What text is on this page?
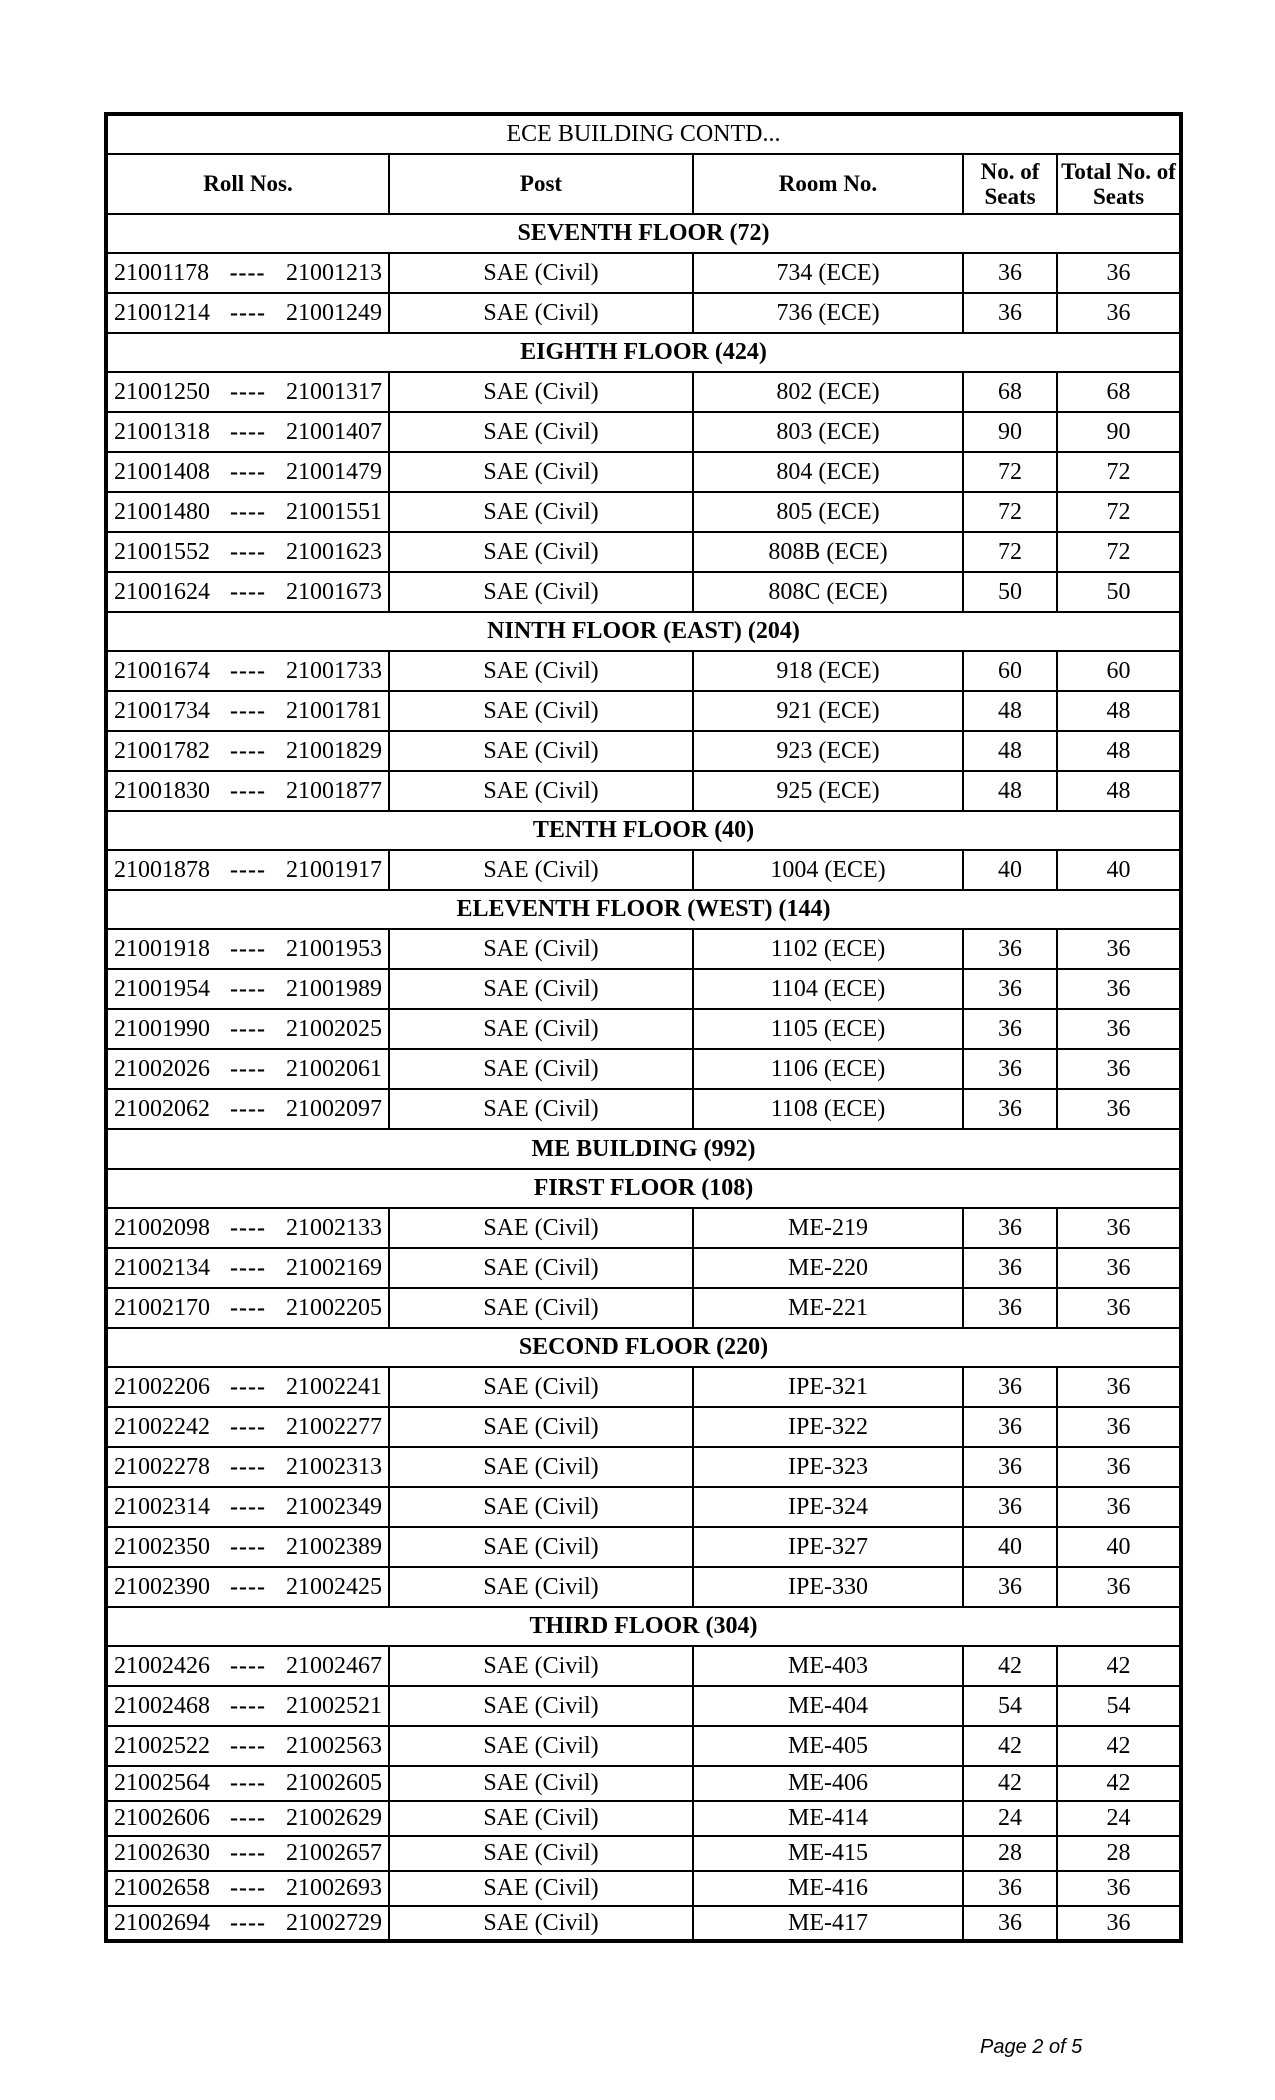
ECE BUILDING CONTD...				
Roll Nos.	Post	Room No.	No. of Seats	Total No. of Seats
SEVENTH FLOOR (72)				

21001178 ---- 21001213	SAE (Civil)	734 (ECE)	36	36

21001214 ---- 21001249	SAE (Civil)	736 (ECE)	36	36
EIGHTH FLOOR (424)				

21001250 ---- 21001317	SAE (Civil)	802 (ECE)	68	68

21001318 ---- 21001407	SAE (Civil)	803 (ECE)	90	90

21001408 ---- 21001479	SAE (Civil)	804 (ECE)	72	72

21001480 ---- 21001551	SAE (Civil)	805 (ECE)	72	72

21001552 ---- 21001623	SAE (Civil)	808B (ECE)	72	72

21001624 ---- 21001673	SAE (Civil)	808C (ECE)	50	50
NINTH FLOOR (EAST) (204)				

21001674 ---- 21001733	SAE (Civil)	918 (ECE)	60	60

21001734 ---- 21001781	SAE (Civil)	921 (ECE)	48	48

21001782 ---- 21001829	SAE (Civil)	923 (ECE)	48	48

21001830 ---- 21001877	SAE (Civil)	925 (ECE)	48	48
TENTH FLOOR (40)				

21001878 ---- 21001917	SAE (Civil)	1004 (ECE)	40	40
ELEVENTH FLOOR (WEST) (144)				

21001918 ---- 21001953	SAE (Civil)	1102 (ECE)	36	36

21001954 ---- 21001989	SAE (Civil)	1104 (ECE)	36	36

21001990 ---- 21002025	SAE (Civil)	1105 (ECE)	36	36

21002026 ---- 21002061	SAE (Civil)	1106 (ECE)	36	36

21002062 ---- 21002097	SAE (Civil)	1108 (ECE)	36	36
ME BUILDING (992)				
FIRST FLOOR (108)				

21002098 ---- 21002133	SAE (Civil)	ME-219	36	36

21002134 ---- 21002169	SAE (Civil)	ME-220	36	36

21002170 ---- 21002205	SAE (Civil)	ME-221	36	36
SECOND FLOOR (220)				

21002206 ---- 21002241	SAE (Civil)	IPE-321	36	36

21002242 ---- 21002277	SAE (Civil)	IPE-322	36	36

21002278 ---- 21002313	SAE (Civil)	IPE-323	36	36

21002314 ---- 21002349	SAE (Civil)	IPE-324	36	36

21002350 ---- 21002389	SAE (Civil)	IPE-327	40	40

21002390 ---- 21002425	SAE (Civil)	IPE-330	36	36
THIRD FLOOR (304)				

21002426 ---- 21002467	SAE (Civil)	ME-403	42	42

21002468 ---- 21002521	SAE (Civil)	ME-404	54	54

21002522 ---- 21002563	SAE (Civil)	ME-405	42	42

21002564 ---- 21002605	SAE (Civil)	ME-406	42	42

21002606 ---- 21002629	SAE (Civil)	ME-414	24	24

21002630 ---- 21002657	SAE (Civil)	ME-415	28	28

21002658 ---- 21002693	SAE (Civil)	ME-416	36	36

21002694 ---- 21002729	SAE (Civil)	ME-417	36	36
Page 2 of 5
